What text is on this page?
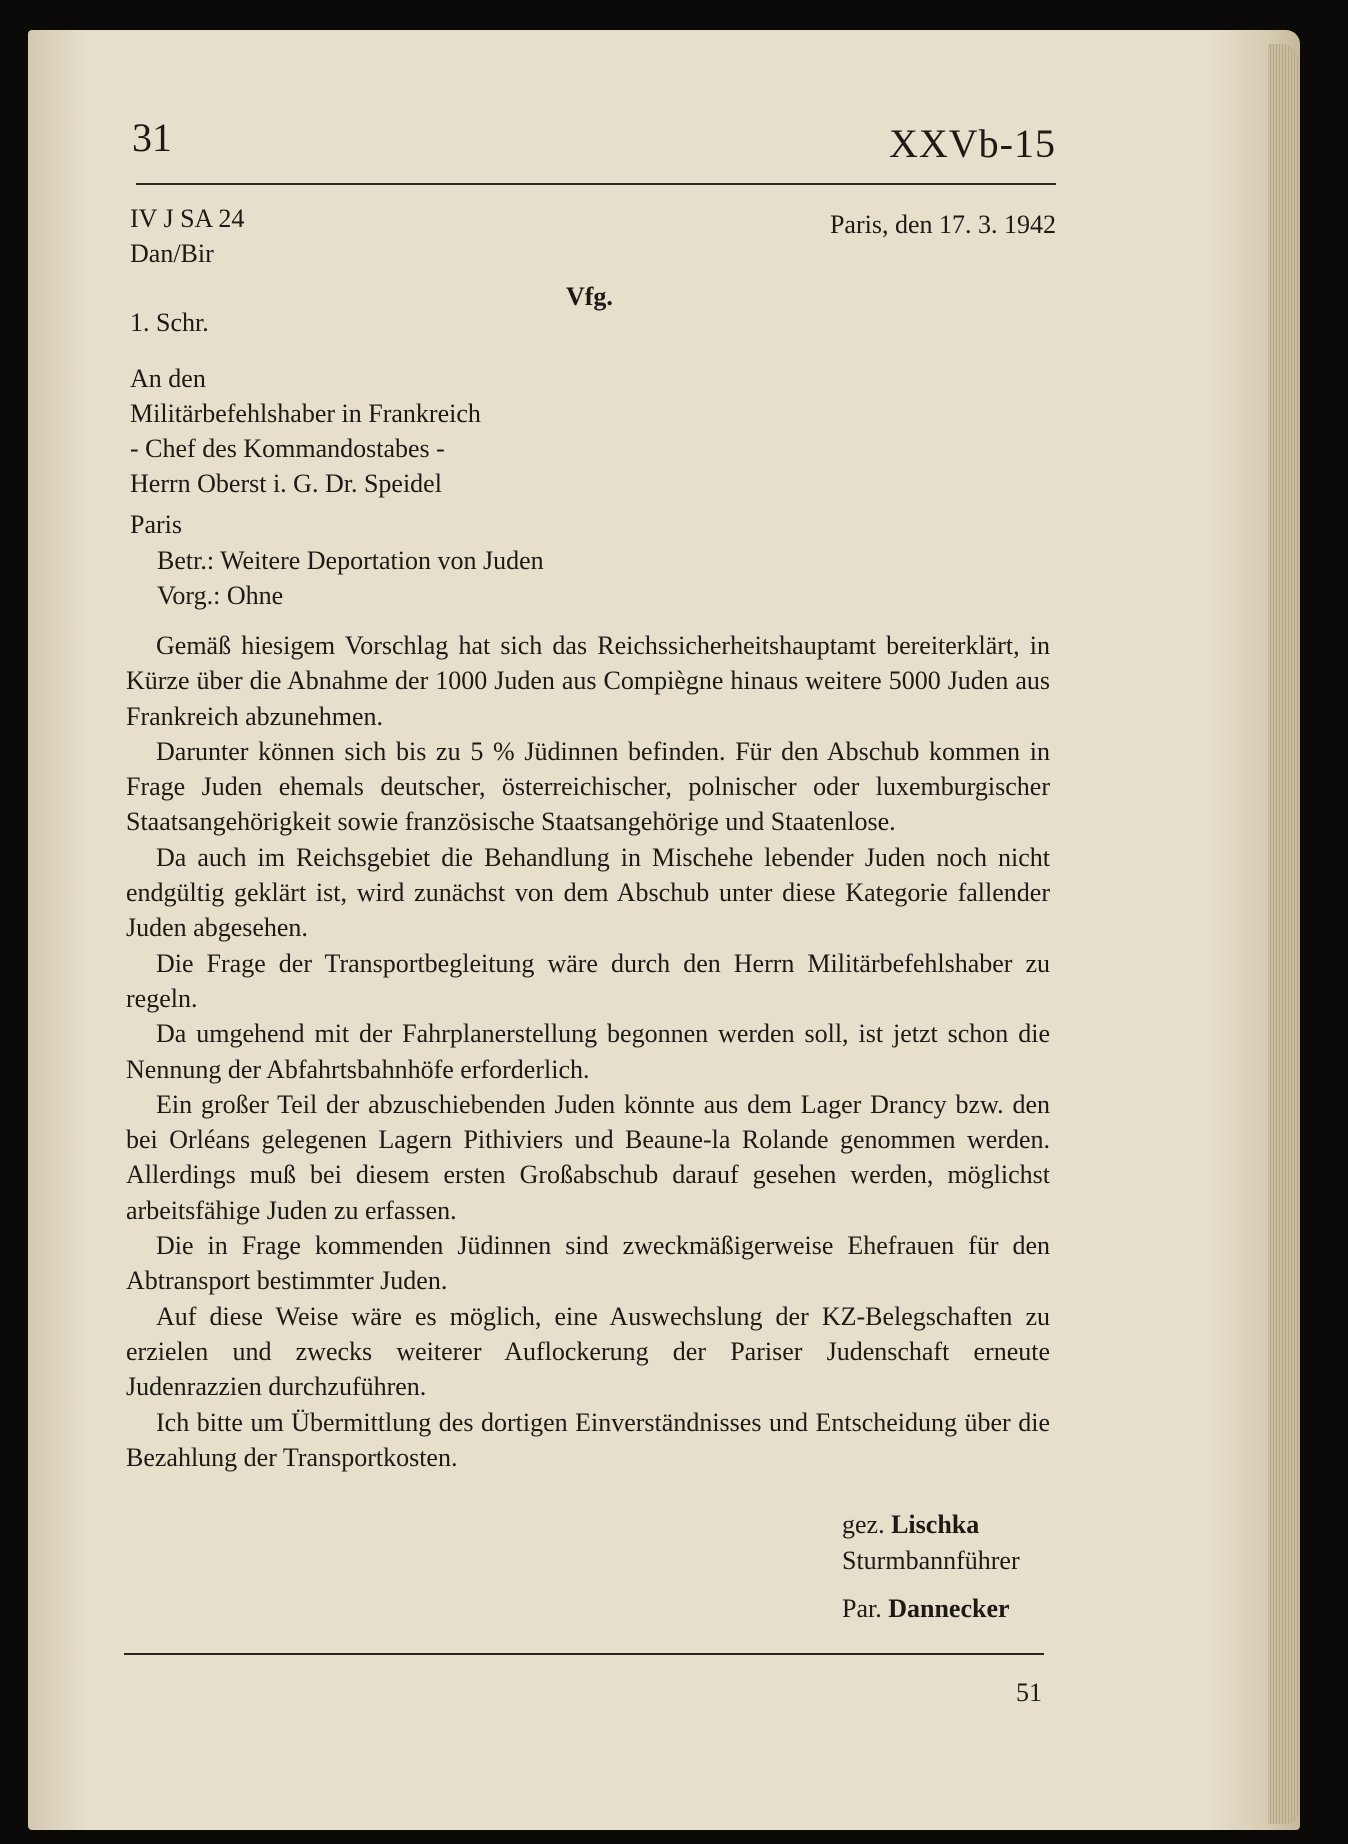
31	XXVb-15
IV J SA 24
Dan/Bir
Paris, den 17. 3. 1942
Vfg.
1. Schr.
An den
Militärbefehlshaber in Frankreich
- Chef des Kommandostabes -
Herrn Oberst i. G. Dr. Speidel
Paris
Betr.: Weitere Deportation von Juden
Vorg.: Ohne

Gemäß hiesigem Vorschlag hat sich das Reichssicherheitshauptamt bereiterklärt, in Kürze über die Abnahme der 1000 Juden aus Compiègne hinaus weitere 5000 Juden aus Frankreich abzunehmen.

Darunter können sich bis zu 5 % Jüdinnen befinden. Für den Abschub kommen in Frage Juden ehemals deutscher, österreichischer, polnischer oder luxemburgischer Staatsangehörigkeit sowie französische Staatsangehörige und Staatenlose.

Da auch im Reichsgebiet die Behandlung in Mischehe lebender Juden noch nicht endgültig geklärt ist, wird zunächst von dem Abschub unter diese Kategorie fallender Juden abgesehen.

Die Frage der Transportbegleitung wäre durch den Herrn Militärbefehlshaber zu regeln.

Da umgehend mit der Fahrplanerstellung begonnen werden soll, ist jetzt schon die Nennung der Abfahrtsbahnhöfe erforderlich.

Ein großer Teil der abzuschiebenden Juden könnte aus dem Lager Drancy bzw. den bei Orléans gelegenen Lagern Pithiviers und Beaune-la Rolande genommen werden. Allerdings muß bei diesem ersten Großabschub darauf gesehen werden, möglichst arbeitsfähige Juden zu erfassen.

Die in Frage kommenden Jüdinnen sind zweckmäßigerweise Ehefrauen für den Abtransport bestimmter Juden.

Auf diese Weise wäre es möglich, eine Auswechslung der KZ-Belegschaften zu erzielen und zwecks weiterer Auflockerung der Pariser Judenschaft erneute Judenrazzien durchzuführen.

Ich bitte um Übermittlung des dortigen Einverständnisses und Entscheidung über die Bezahlung der Transportkosten.

gez. Lischka
Sturmbannführer
Par. Dannecker
51
